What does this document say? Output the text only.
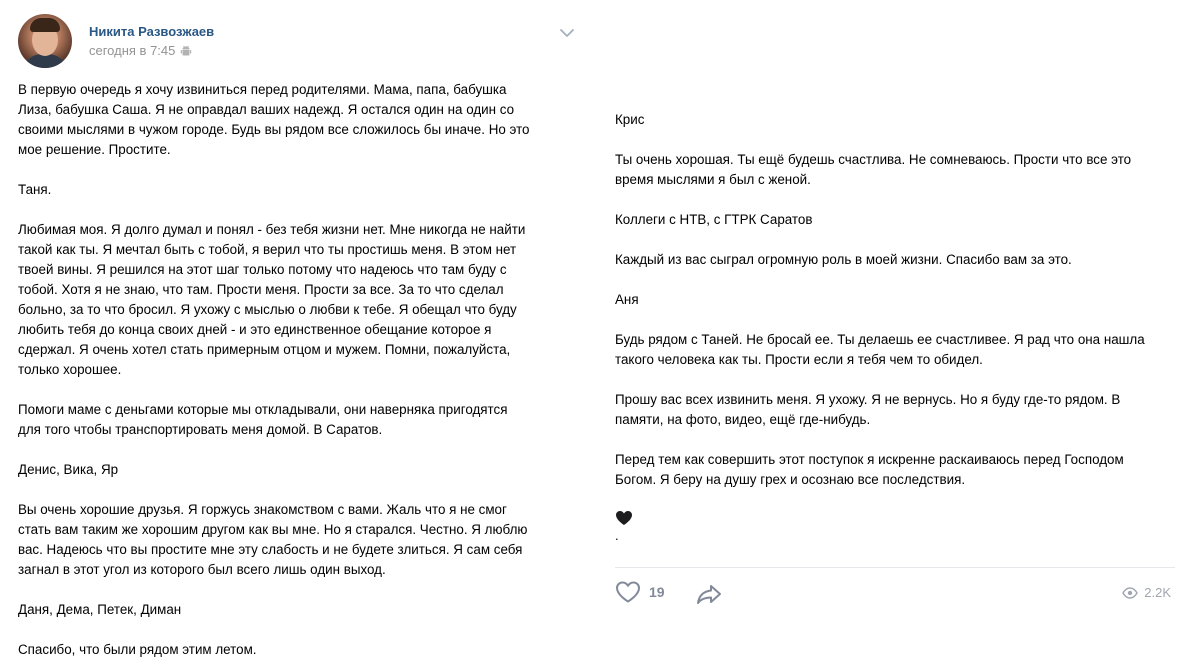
Никита Развозжаев
сегодня в 7:45

В первую очередь я хочу извиниться перед родителями. Мама, папа, бабушка
Лиза, бабушка Саша. Я не оправдал ваших надежд. Я остался один на один со
своими мыслями в чужом городе. Будь вы рядом все сложилось бы иначе. Но это
мое решение. Простите.

Таня.

Любимая моя. Я долго думал и понял - без тебя жизни нет. Мне никогда не найти
такой как ты. Я мечтал быть с тобой, я верил что ты простишь меня. В этом нет
твоей вины. Я решился на этот шаг только потому что надеюсь что там буду с
тобой. Хотя я не знаю, что там. Прости меня. Прости за все. За то что сделал
больно, за то что бросил. Я ухожу с мыслью о любви к тебе. Я обещал что буду
любить тебя до конца своих дней - и это единственное обещание которое я
сдержал. Я очень хотел стать примерным отцом и мужем. Помни, пожалуйста,
только хорошее.

Помоги маме с деньгами которые мы откладывали, они наверняка пригодятся
для того чтобы транспортировать меня домой. В Саратов.

Денис, Вика, Яр

Вы очень хорошие друзья. Я горжусь знакомством с вами. Жаль что я не смог
стать вам таким же хорошим другом как вы мне. Но я старался. Честно. Я люблю
вас. Надеюсь что вы простите мне эту слабость и не будете злиться. Я сам себя
загнал в этот угол из которого был всего лишь один выход.

Даня, Дема, Петек, Диман

Спасибо, что были рядом этим летом.

Крис

Ты очень хорошая. Ты ещё будешь счастлива. Не сомневаюсь. Прости что все это
время мыслями я был с женой.

Коллеги с НТВ, с ГТРК Саратов

Каждый из вас сыграл огромную роль в моей жизни. Спасибо вам за это.

Аня

Будь рядом с Таней. Не бросай ее. Ты делаешь ее счастливее. Я рад что она нашла
такого человека как ты. Прости если я тебя чем то обидел.

Прошу вас всех извинить меня. Я ухожу. Я не вернусь. Но я буду где-то рядом. В
памяти, на фото, видео, ещё где-нибудь.

Перед тем как совершить этот поступок я искренне раскаиваюсь перед Господом
Богом. Я беру на душу грех и осознаю все последствия.

.
19	2.2K
